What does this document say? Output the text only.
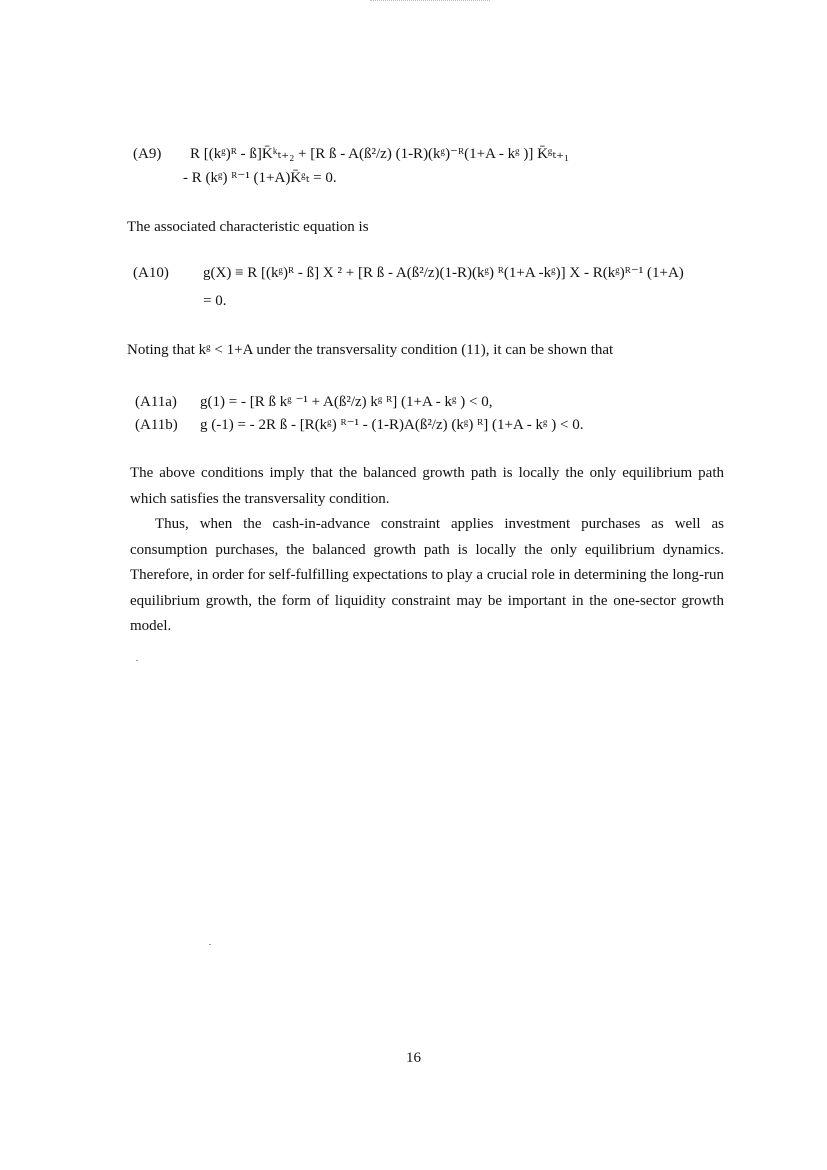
(A9) R [(kᵍ)ᴿ - ß]K̄ᵏₜ₊₂ + [R ß - A(ß²/z) (1-R)(kᵍ)⁻ᴿ(1+A - kᵍ )] K̄ᵍₜ₊₁
- R (kᵍ) ᴿ⁻¹ (1+A)K̄ᵍₜ = 0.
The associated characteristic equation is
(A10) g(X) ≡ R [(kᵍ)ᴿ - ß] X ² + [R ß - A(ß²/z)(1-R)(kᵍ) ᴿ(1+A -kᵍ)] X - R(kᵍ)ᴿ⁻¹ (1+A)
= 0.
Noting that kᵍ < 1+A under the transversality condition (11), it can be shown that
(A11a) g(1) = - [R ß kᵍ ⁻¹ + A(ß²/z) kᵍ ᴿ] (1+A - kᵍ ) < 0,
(A11b) g (-1) = - 2R ß - [R(kᵍ) ᴿ⁻¹ - (1-R)A(ß²/z) (kᵍ) ᴿ] (1+A - kᵍ ) < 0.
The above conditions imply that the balanced growth path is locally the only equilibrium path which satisfies the transversality condition.
Thus, when the cash-in-advance constraint applies investment purchases as well as consumption purchases, the balanced growth path is locally the only equilibrium dynamics. Therefore, in order for self-fulfilling expectations to play a crucial role in determining the long-run equilibrium growth, the form of liquidity constraint may be important in the one-sector growth model.
16
